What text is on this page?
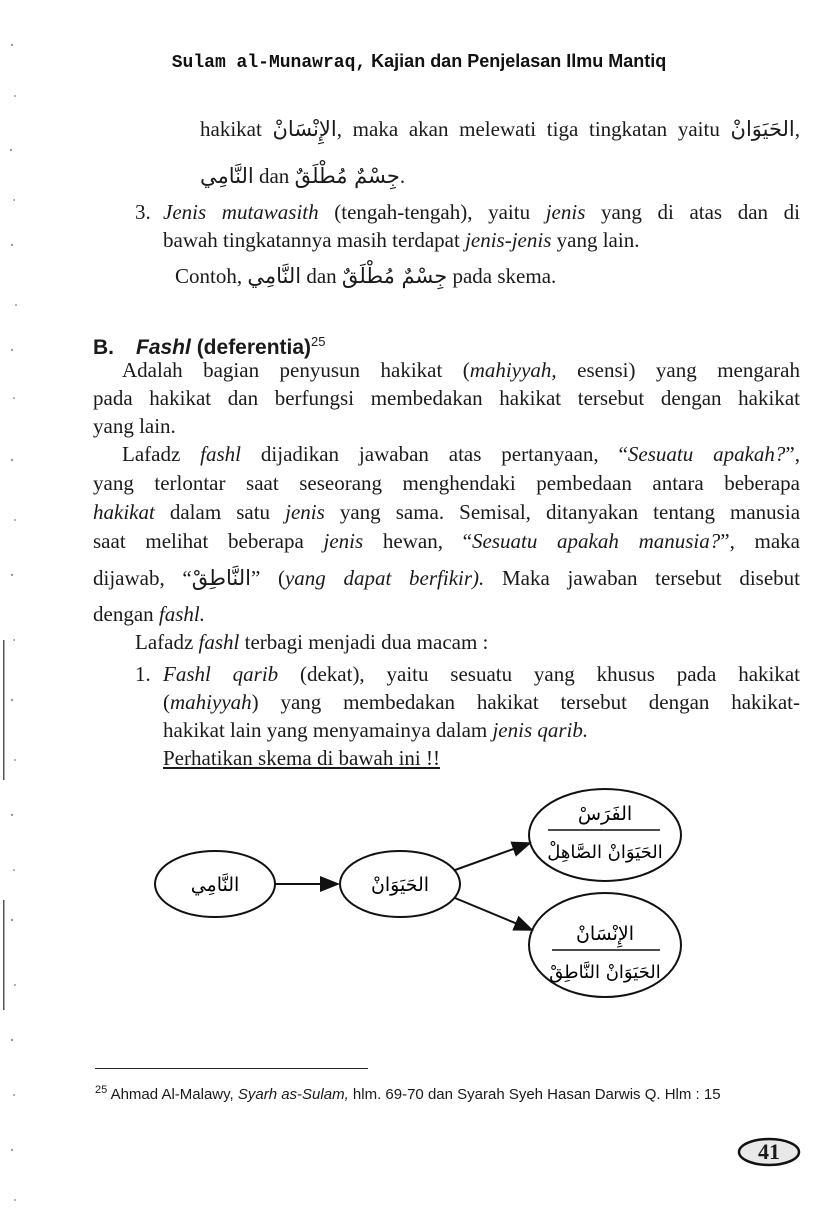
Sulam al-Munawraq, Kajian dan Penjelasan Ilmu Mantiq
hakikat الإِنْسَانْ, maka akan melewati tiga tingkatan yaitu الحَيَوَانْ,
النَّامِي dan جِسْمٌ مُطْلَقٌ.
3. Jenis mutawasith (tengah-tengah), yaitu jenis yang di atas dan di
bawah tingkatannya masih terdapat jenis-jenis yang lain.
Contoh, النَّامِي dan جِسْمٌ مُطْلَقٌ pada skema.
B. Fashl (deferentia)$^{25}$
Adalah bagian penyusun hakikat (mahiyyah, esensi) yang mengarah
pada hakikat dan berfungsi membedakan hakikat tersebut dengan hakikat
yang lain.
Lafadz fashl dijadikan jawaban atas pertanyaan, “Sesuatu apakah?”,
yang terlontar saat seseorang menghendaki pembedaan antara beberapa
hakikat dalam satu jenis yang sama. Semisal, ditanyakan tentang manusia
saat melihat beberapa jenis hewan, “Sesuatu apakah manusia?”, maka
dijawab, “النَّاطِقْ” (yang dapat berfikir). Maka jawaban tersebut disebut
dengan fashl.
Lafadz fashl terbagi menjadi dua macam :
1. Fashl qarib (dekat), yaitu sesuatu yang khusus pada hakikat
(mahiyyah) yang membedakan hakikat tersebut dengan hakikat-
hakikat lain yang menyamainya dalam jenis qarib.
Perhatikan skema di bawah ini !!
النَّامِي	الحَيَوَانْ
الفَرَسْ
الحَيَوَانْ الصَّاهِلْ
الإِنْسَانْ
الحَيَوَانْ النَّاطِقْ
$^{25}$ Ahmad Al-Malawy, Syarh as-Sulam, hlm. 69-70 dan Syarah Syeh Hasan Darwis Q. Hlm : 15
41
